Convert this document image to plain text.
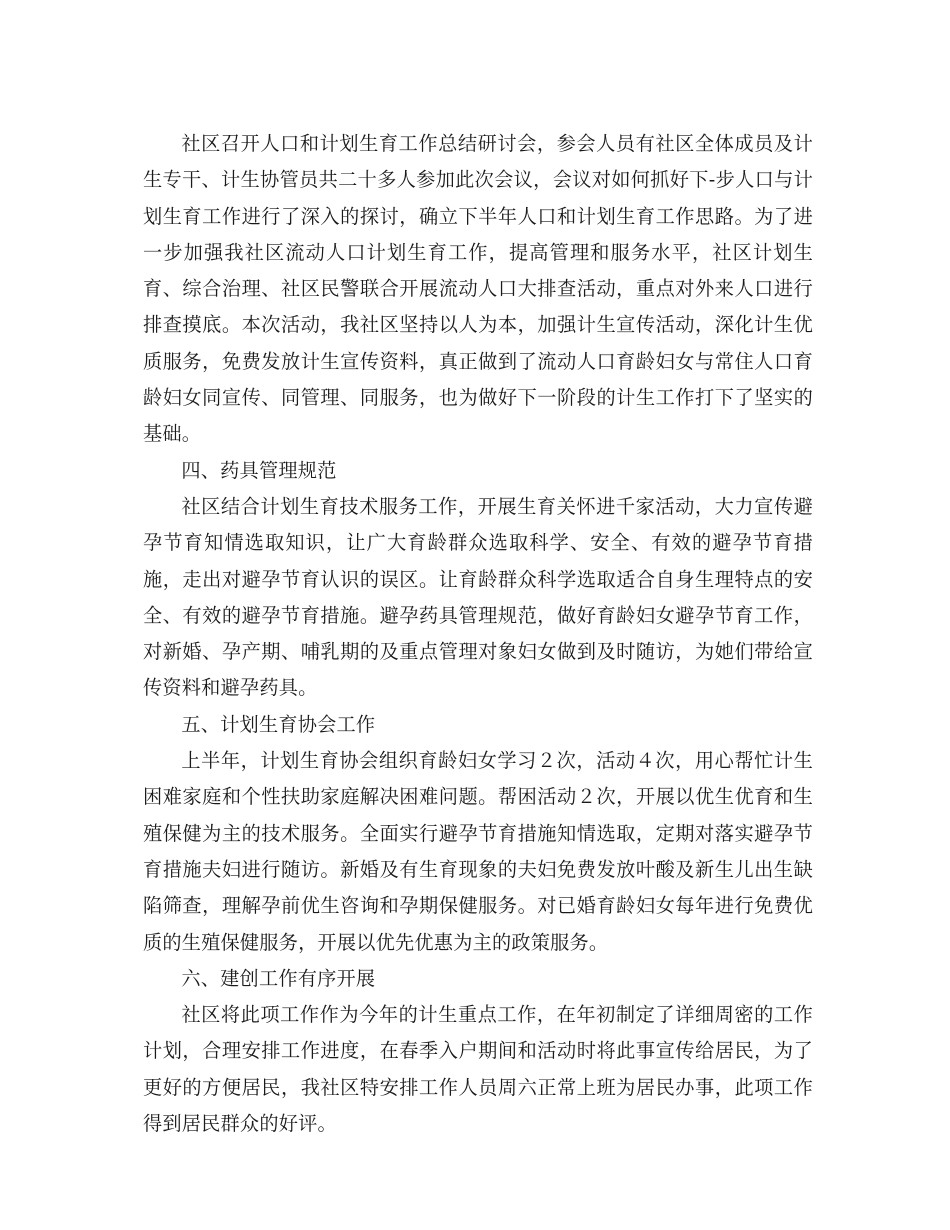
社区召开人口和计划生育工作总结研讨会，参会人员有社区全体成员及计生专干、计生协管员共二十多人参加此次会议，会议对如何抓好下-步人口与计划生育工作进行了深入的探讨，确立下半年人口和计划生育工作思路。为了进一步加强我社区流动人口计划生育工作，提高管理和服务水平，社区计划生育、综合治理、社区民警联合开展流动人口大排查活动，重点对外来人口进行排查摸底。本次活动，我社区坚持以人为本，加强计生宣传活动，深化计生优质服务，免费发放计生宣传资料，真正做到了流动人口育龄妇女与常住人口育龄妇女同宣传、同管理、同服务，也为做好下一阶段的计生工作打下了坚实的基础。

四、药具管理规范

社区结合计划生育技术服务工作，开展生育关怀进千家活动，大力宣传避孕节育知情选取知识，让广大育龄群众选取科学、安全、有效的避孕节育措施，走出对避孕节育认识的误区。让育龄群众科学选取适合自身生理特点的安全、有效的避孕节育措施。避孕药具管理规范，做好育龄妇女避孕节育工作，对新婚、孕产期、哺乳期的及重点管理对象妇女做到及时随访，为她们带给宣传资料和避孕药具。

五、计划生育协会工作

上半年，计划生育协会组织育龄妇女学习２次，活动４次，用心帮忙计生困难家庭和个性扶助家庭解决困难问题。帮困活动２次，开展以优生优育和生殖保健为主的技术服务。全面实行避孕节育措施知情选取，定期对落实避孕节育措施夫妇进行随访。新婚及有生育现象的夫妇免费发放叶酸及新生儿出生缺陷筛查，理解孕前优生咨询和孕期保健服务。对已婚育龄妇女每年进行免费优质的生殖保健服务，开展以优先优惠为主的政策服务。

六、建创工作有序开展

社区将此项工作作为今年的计生重点工作，在年初制定了详细周密的工作计划，合理安排工作进度，在春季入户期间和活动时将此事宣传给居民，为了更好的方便居民，我社区特安排工作人员周六正常上班为居民办事，此项工作得到居民群众的好评。
